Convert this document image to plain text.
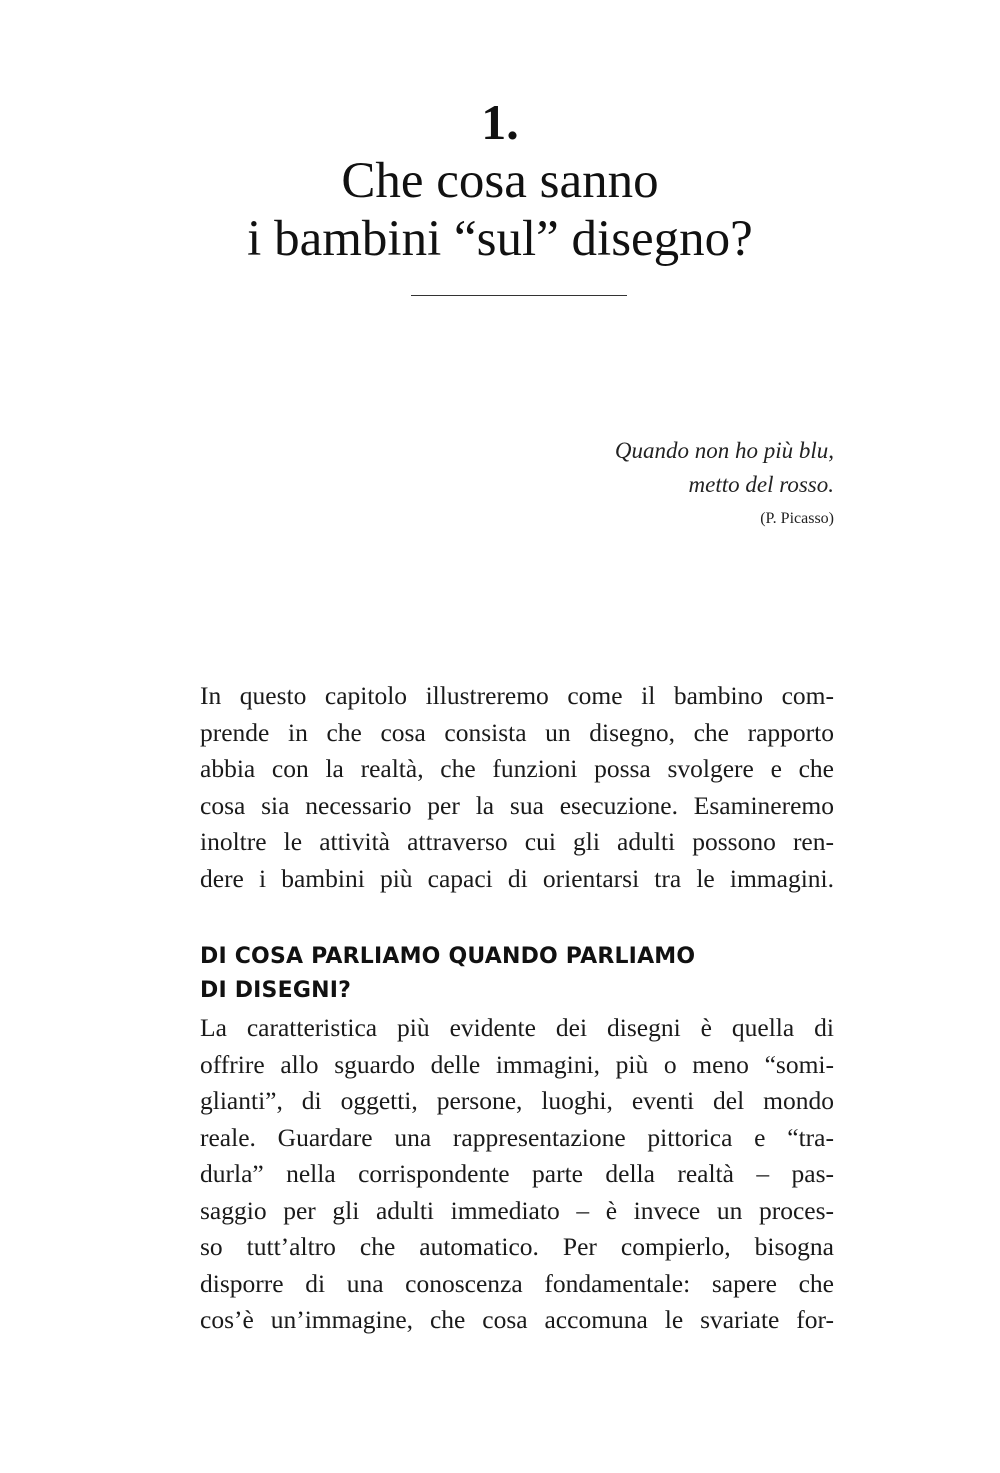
1.
Che cosa sanno
i bambini “sul” disegno?
Quando non ho più blu,
metto del rosso.
(P. Picasso)
In questo capitolo illustreremo come il bambino com-
prende in che cosa consista un disegno, che rapporto
abbia con la realtà, che funzioni possa svolgere e che
cosa sia necessario per la sua esecuzione. Esamineremo
inoltre le attività attraverso cui gli adulti possono ren-
dere i bambini più capaci di orientarsi tra le immagini.
DI COSA PARLIAMO QUANDO PARLIAMO
DI DISEGNI?
La caratteristica più evidente dei disegni è quella di
offrire allo sguardo delle immagini, più o meno “somi-
glianti”, di oggetti, persone, luoghi, eventi del mondo
reale. Guardare una rappresentazione pittorica e “tra-
durla” nella corrispondente parte della realtà – pas-
saggio per gli adulti immediato – è invece un proces-
so tutt’altro che automatico. Per compierlo, bisogna
disporre di una conoscenza fondamentale: sapere che
cos’è un’immagine, che cosa accomuna le svariate for-
